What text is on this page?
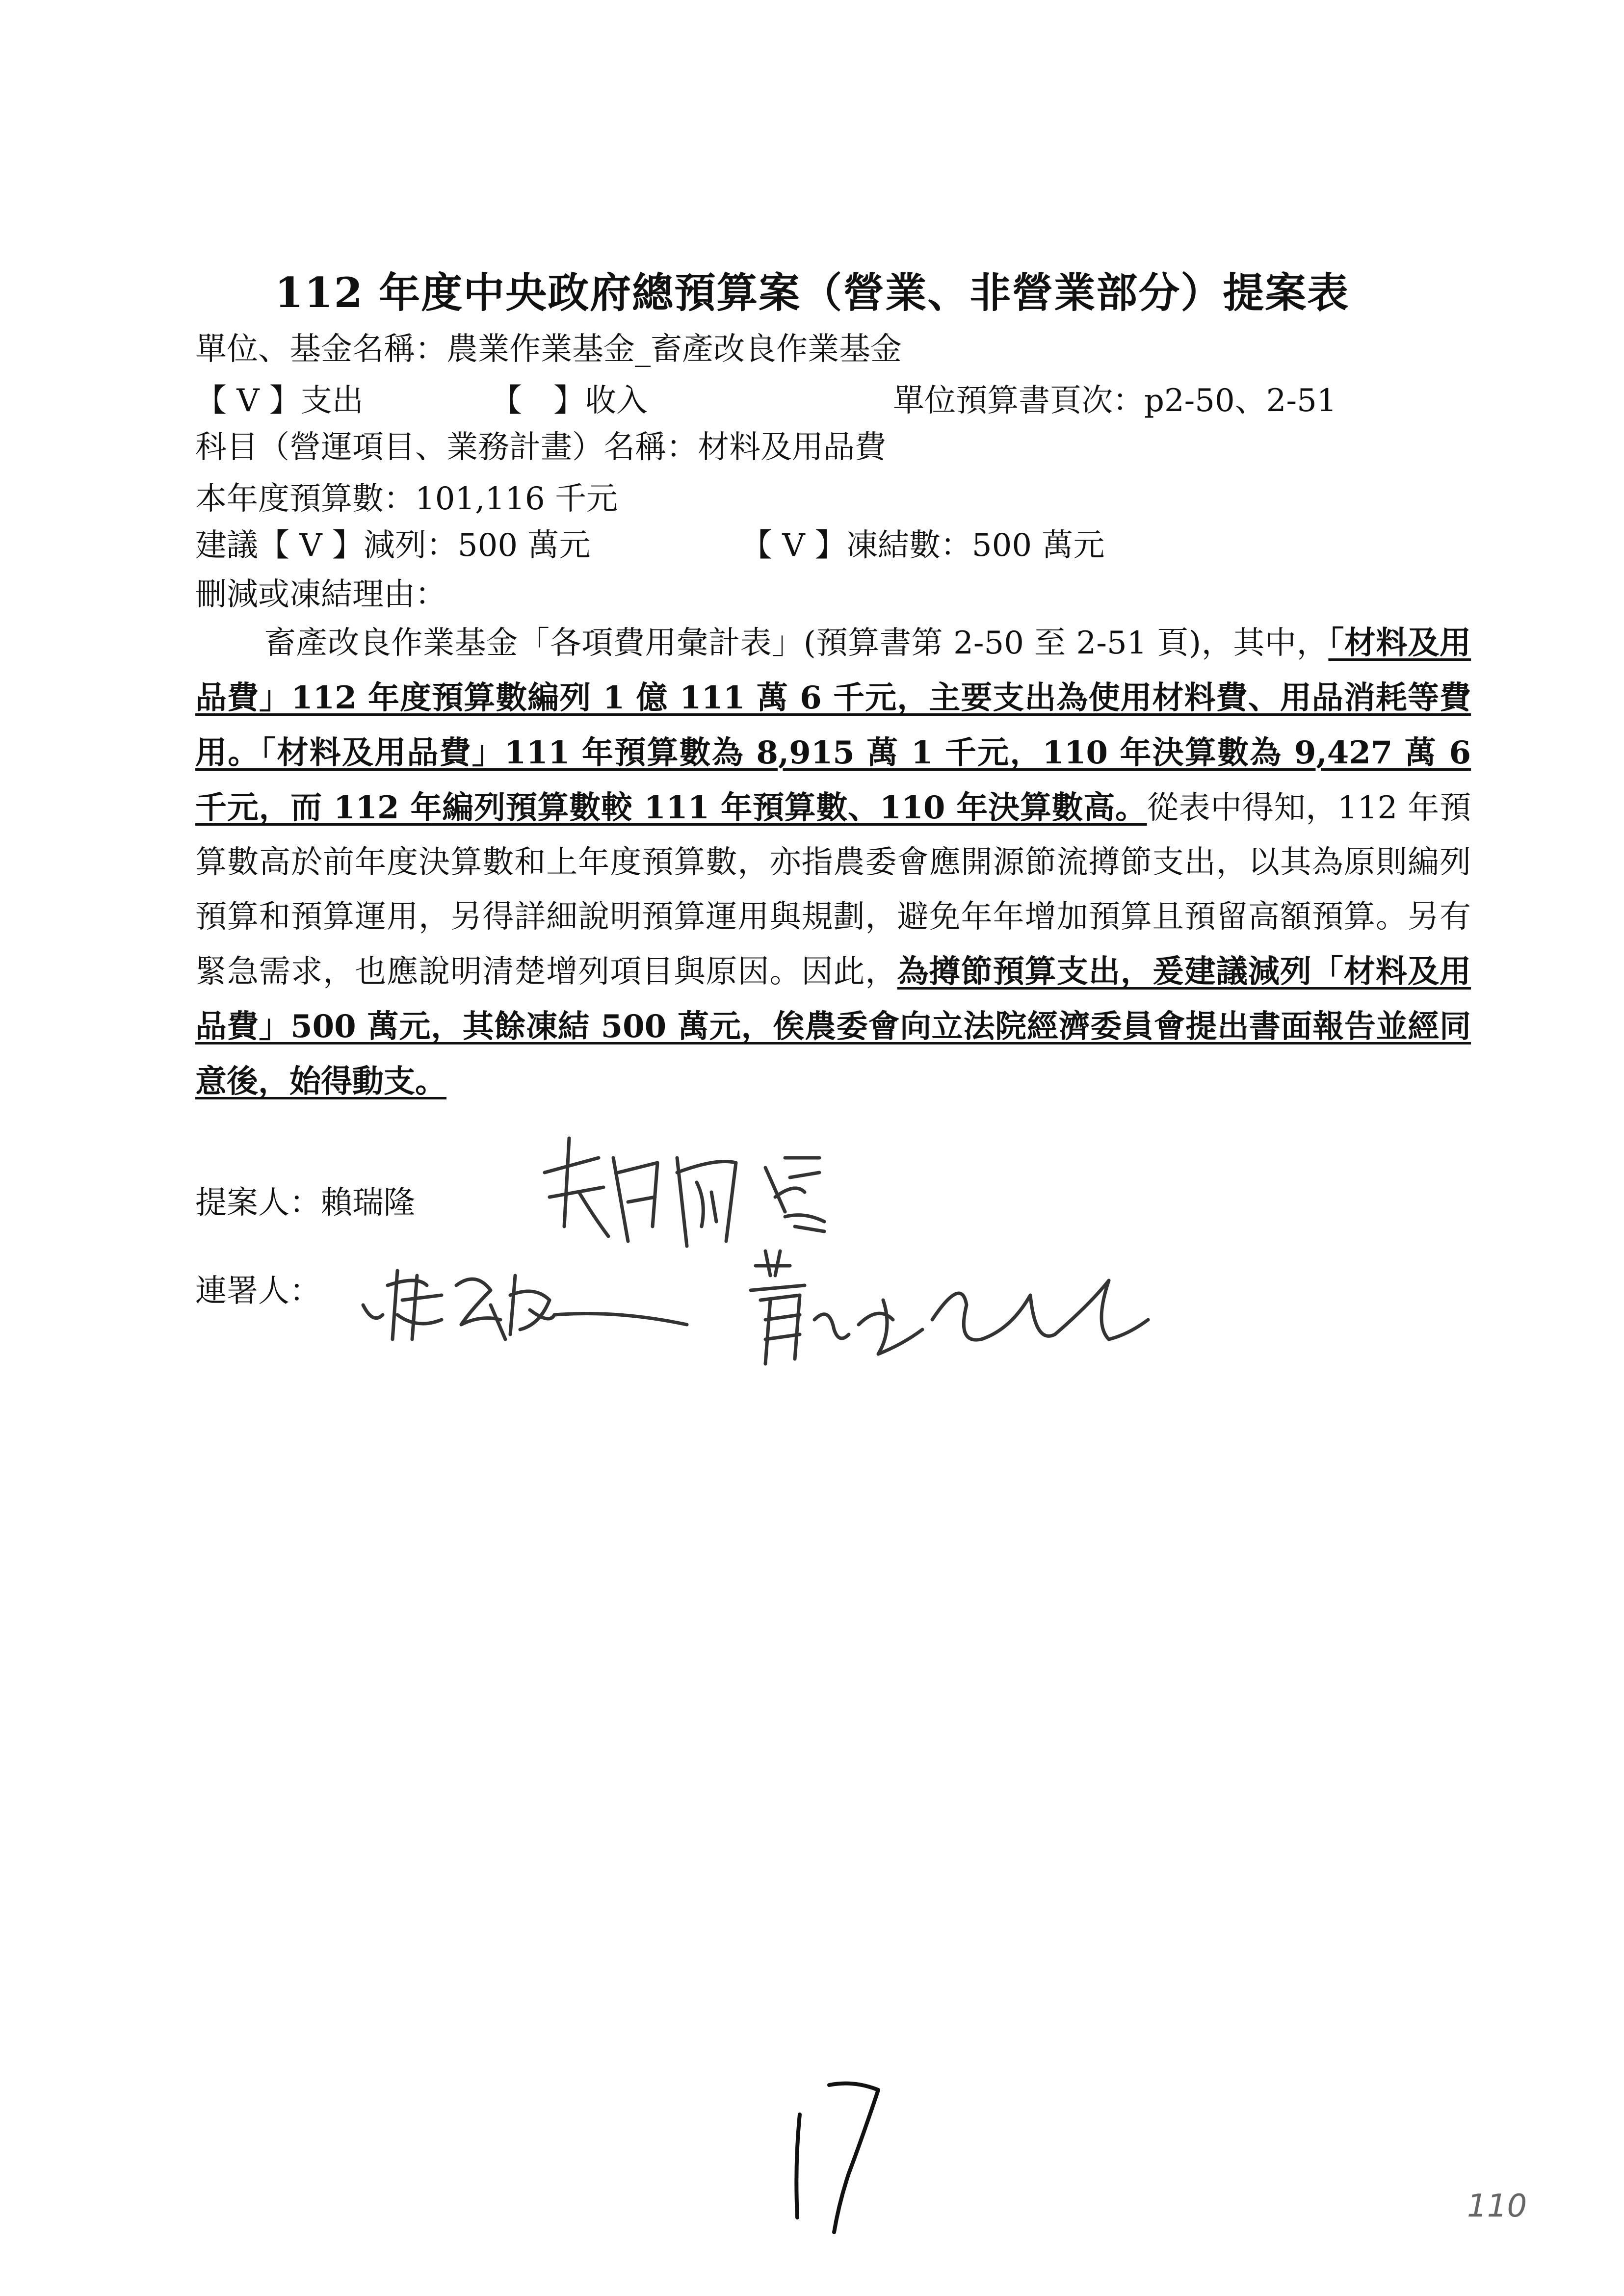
112 年度中央政府總預算案（營業、非營業部分）提案表
單位、基金名稱：農業作業基金_畜產改良作業基金
【 V 】支出	【　】收入	單位預算書頁次：p2-50、2-51
科目（營運項目、業務計畫）名稱：材料及用品費
本年度預算數：101,116 千元
建議【 V 】減列：500 萬元	【 V 】凍結數：500 萬元
刪減或凍結理由：
畜產改良作業基金「各項費用彙計表」(預算書第 2-50 至 2-51 頁)，其中，「材料及用品費」112 年度預算數編列 1 億 111 萬 6 千元，主要支出為使用材料費、用品消耗等費用。「材料及用品費」111 年預算數為 8,915 萬 1 千元，110 年決算數為 9,427 萬 6 千元，而 112 年編列預算數較 111 年預算數、110 年決算數高。從表中得知，112 年預算數高於前年度決算數和上年度預算數，亦指農委會應開源節流撙節支出，以其為原則編列預算和預算運用，另得詳細說明預算運用與規劃，避免年年增加預算且預留高額預算。另有緊急需求，也應說明清楚增列項目與原因。因此，為撙節預算支出，爰建議減列「材料及用品費」500 萬元，其餘凍結 500 萬元，俟農委會向立法院經濟委員會提出書面報告並經同意後，始得動支。
提案人：賴瑞隆
連署人：
17
110
